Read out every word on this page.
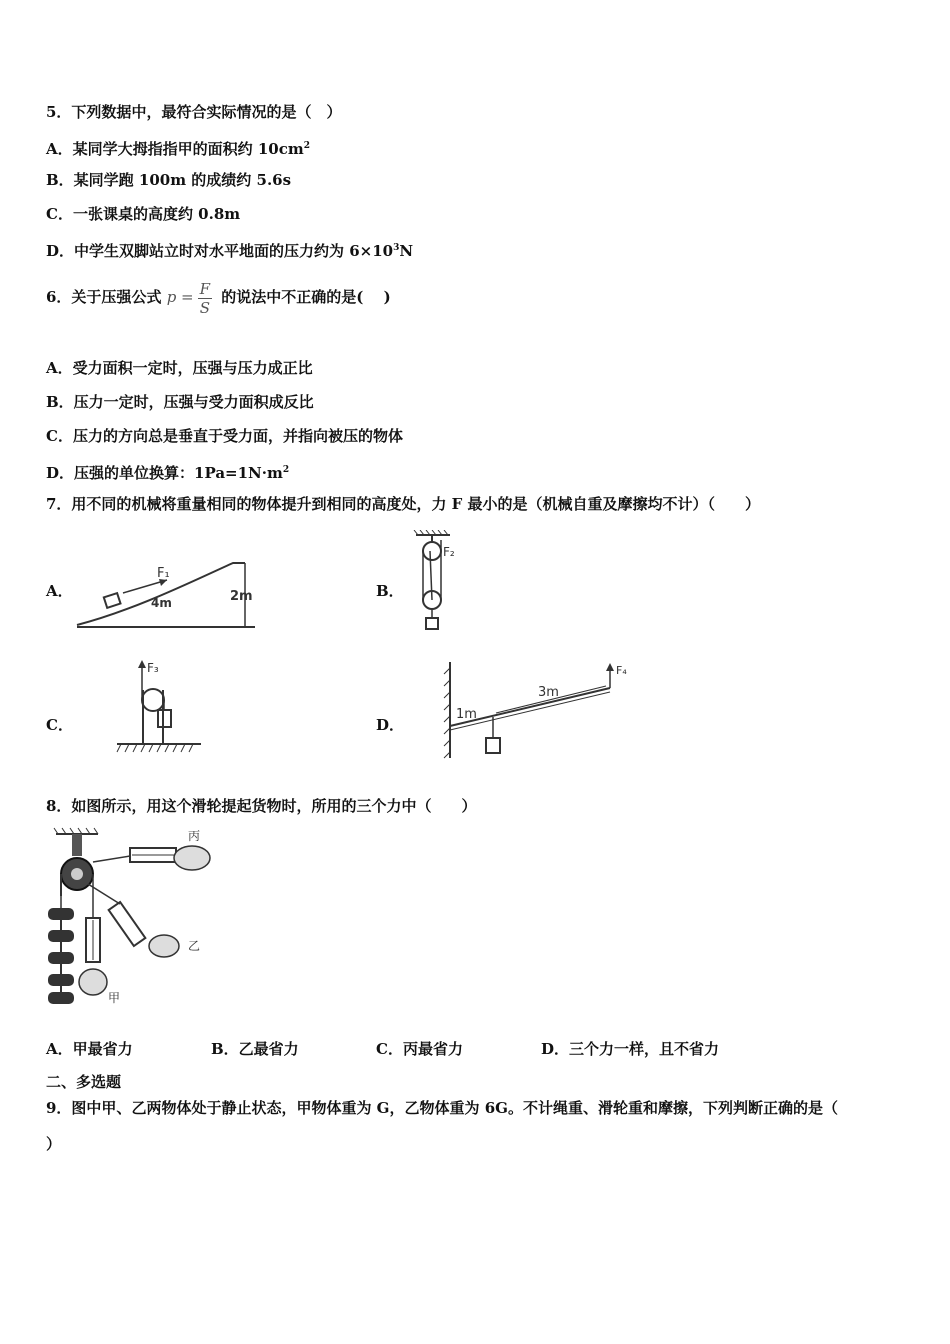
5．下列数据中，最符合实际情况的是（　）
A．某同学大拇指指甲的面积约 $10cm^2$
B．某同学跑 100m 的成绩约 5.6s
C．一张课桌的高度约 0.8m
D．中学生双脚站立时对水平地面的压力约为 $6\times 10^3N$
6．关于压强公式 $p = \frac{F}{S}$ 的说法中不正确的是(　 )
A．受力面积一定时，压强与压力成正比
B．压力一定时，压强与受力面积成反比
C．压力的方向总是垂直于受力面，并指向被压的物体
D．压强的单位换算：$1Pa=1N\cdot m^2$
7．用不同的机械将重量相同的物体提升到相同的高度处，力 F 最小的是（机械自重及摩擦均不计）（　　）
A．
F₁
4m	2m	B．
F₂
C．
F₃
D．
F₄
1m
3m
8．如图所示，用这个滑轮提起货物时，所用的三个力中（　　）
丙
乙
甲
A．甲最省力	B．乙最省力	C．丙最省力	D．三个力一样，且不省力
二、多选题
9．图中甲、乙两物体处于静止状态，甲物体重为 G，乙物体重为 6G。不计绳重、滑轮重和摩擦，下列判断正确的是（
）
